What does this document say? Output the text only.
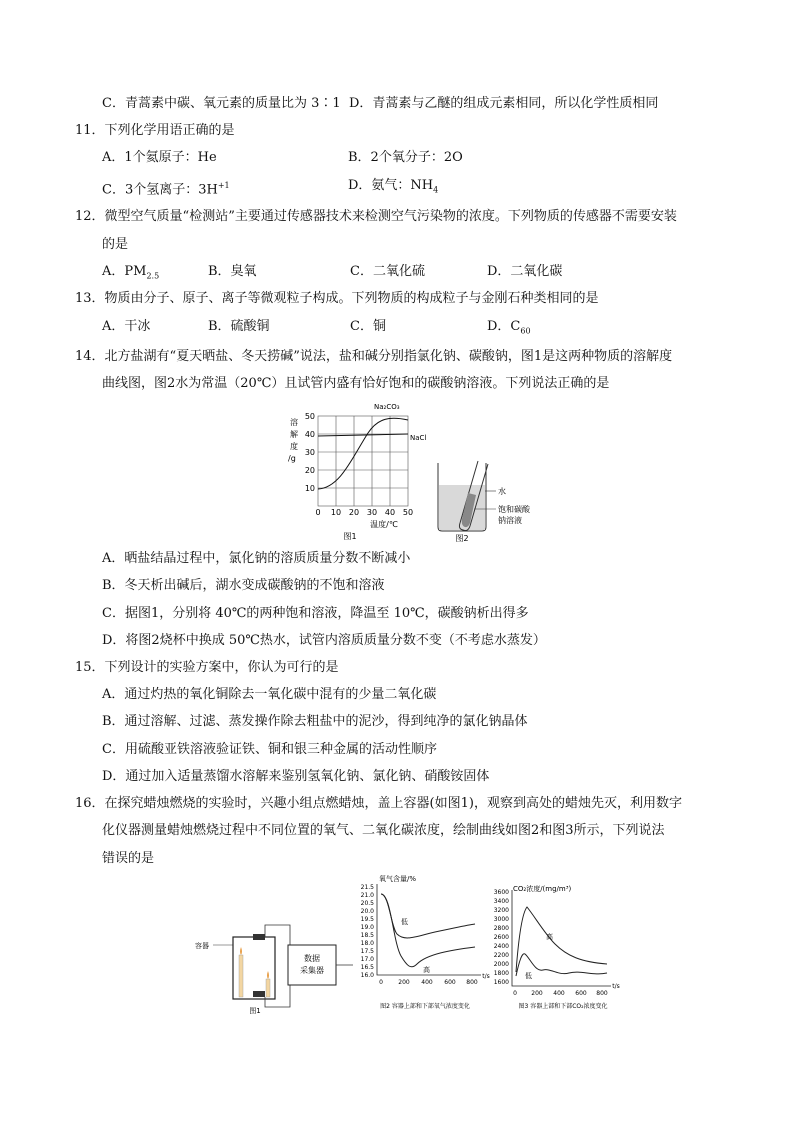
C．青蒿素中碳、氧元素的质量比为 3∶1 D．青蒿素与乙醚的组成元素相同，所以化学性质相同
11．下列化学用语正确的是
A．1个氦原子：He	B．2个氧分子：2O
C．3个氢离子：$3H^{+1}$	D．氨气：$NH_4$
12．微型空气质量“检测站”主要通过传感器技术来检测空气污染物的浓度。下列物质的传感器不需要安装
的是
A．$PM_{2.5}$	B．臭氧	C．二氧化硫	D．二氧化碳
13．物质由分子、原子、离子等微观粒子构成。下列物质的构成粒子与金刚石种类相同的是
A．干冰	B．硫酸铜	C．铜	D．$C_{60}$
14．北方盐湖有“夏天晒盐、冬天捞碱”说法，盐和碱分别指氯化钠、碳酸钠，图1是这两种物质的溶解度
曲线图，图2水为常温（20℃）且试管内盛有恰好饱和的碳酸钠溶液。下列说法正确的是
溶
解
度
/g
50
40
30
20
10
0 10 20 30 40 50
温度/℃
图1
Na₂CO₃
NaCl
水
饱和碳酸
钠溶液
图2
A．晒盐结晶过程中，氯化钠的溶质质量分数不断减小
B．冬天析出碱后，湖水变成碳酸钠的不饱和溶液
C．据图1，分别将 40℃的两种饱和溶液，降温至 10℃，碳酸钠析出得多
D．将图2烧杯中换成 50℃热水，试管内溶质质量分数不变（不考虑水蒸发）
15．下列设计的实验方案中，你认为可行的是
A．通过灼热的氧化铜除去一氧化碳中混有的少量二氧化碳
B．通过溶解、过滤、蒸发操作除去粗盐中的泥沙，得到纯净的氯化钠晶体
C．用硫酸亚铁溶液验证铁、铜和银三种金属的活动性顺序
D．通过加入适量蒸馏水溶解来鉴别氢氧化钠、氯化钠、硝酸铵固体
16．在探究蜡烛燃烧的实验时，兴趣小组点燃蜡烛，盖上容器(如图1)，观察到高处的蜡烛先灭，利用数字
化仪器测量蜡烛燃烧过程中不同位置的氧气、二氧化碳浓度，绘制曲线如图2和图3所示，下列说法
错误的是
容器
数据
采集器
图1
氧气含量/%
21.5
21.0
20.5
20.0
19.5
19.0
18.5
18.0
17.5
17.0
16.5
16.0
0	200 400 600 800
t/s
低
高
图2 容器上部和下部氧气浓度变化
CO₂浓度/(mg/m³)
3600
3400
3200
3000
2800
2600
2400
2200
2000
1800
1600
0 200 400 600 800
t/s
高
低
图3 容器上部和下部CO₂浓度变化
